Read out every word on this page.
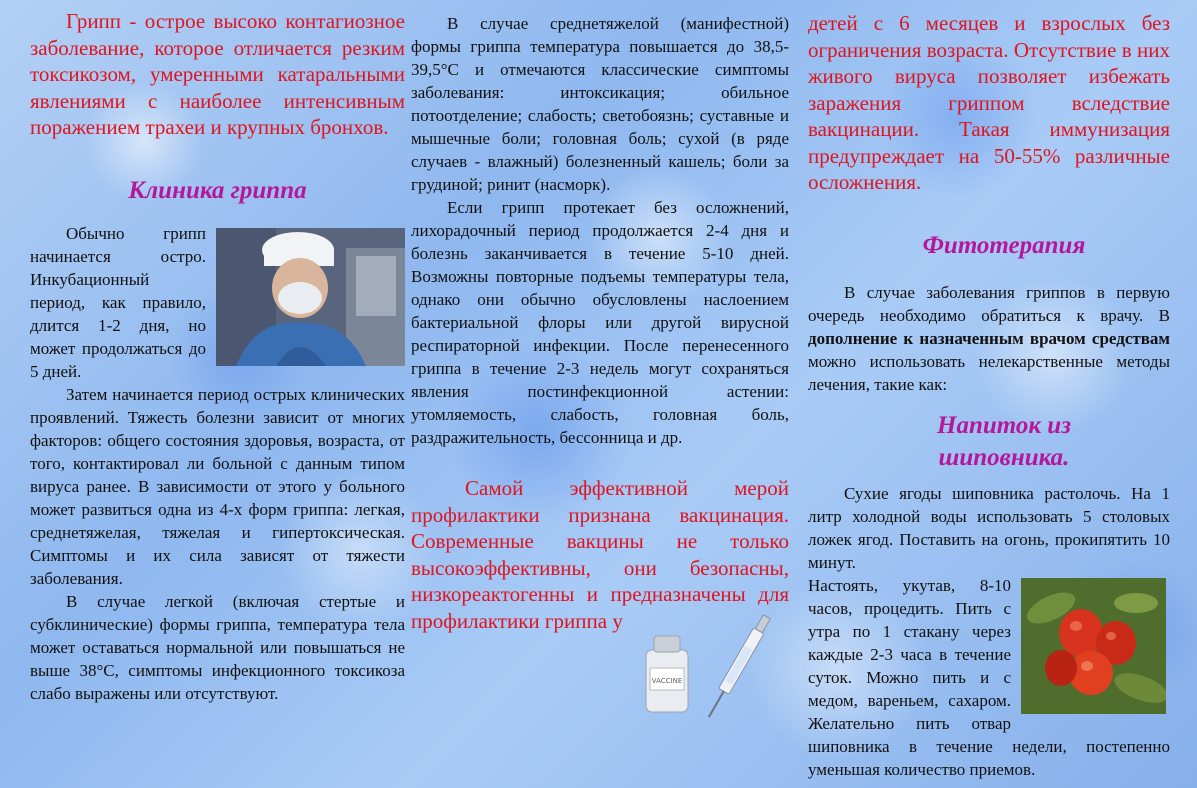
Грипп - острое высоко контагиозное заболевание, которое отличается резким токсикозом, умеренными катаральными явлениями с наиболее интенсивным поражением трахеи и крупных бронхов.

Клиника гриппа

Обычно грипп начинается остро. Инкубационный период, как правило, длится 1-2 дня, но может продолжаться до 5 дней.

Затем начинается период острых клинических проявлений. Тяжесть болезни зависит от многих факторов: общего состояния здоровья, возраста, от того, контактировал ли больной с данным типом вируса ранее. В зависимости от этого у больного может развиться одна из 4-х форм гриппа: легкая, среднетяжелая, тяжелая и гипертоксическая. Симптомы и их сила зависят от тяжести заболевания.

В случае легкой (включая стертые и субклинические) формы гриппа, температура тела может оставаться нормальной или повышаться не выше 38°С, симптомы инфекционного токсикоза слабо выражены или отсутствуют.

В случае среднетяжелой (манифестной) формы гриппа температура повышается до 38,5-39,5°С и отмечаются классические симптомы заболевания: интоксикация; обильное потоотделение; слабость; светобоязнь; суставные и мышечные боли; головная боль; сухой (в ряде случаев - влажный) болезненный кашель; боли за грудиной; ринит (насморк).

Если грипп протекает без осложнений, лихорадочный период продолжается 2-4 дня и болезнь заканчивается в течение 5-10 дней. Возможны повторные подъемы температуры тела, однако они обычно обусловлены наслоением бактериальной флоры или другой вирусной респираторной инфекции. После перенесенного гриппа в течение 2-3 недель могут сохраняться явления постинфекционной астении: утомляемость, слабость, головная боль, раздражительность, бессонница и др.

Самой эффективной мерой профилактики признана вакцинация. Современные вакцины не только высокоэффективны, они безопасны, низкореактогенны и предназначены для профилактики гриппа у

VACCINE

детей с 6 месяцев и взрослых без ограничения возраста. Отсутствие в них живого вируса позволяет избежать заражения гриппом вследствие вакцинации. Такая иммунизация предупреждает на 50-55% различные осложнения.

Фитотерапия

В случае заболевания гриппов в первую очередь необходимо обратиться к врачу. В дополнение к назначенным врачом средствам можно использовать нелекарственные методы лечения, такие как:

Напиток из
шиповника.

Сухие ягоды шиповника растолочь. На 1 литр холодной воды использовать 5 столовых ложек ягод. Поставить на огонь, прокипятить 10 минут.

Настоять, укутав, 8-10 часов, процедить. Пить с утра по 1 стакану через каждые 2-3 часа в течение суток. Можно пить и с медом, вареньем, сахаром. Желательно пить отвар шиповника в течение недели, постепенно уменьшая количество приемов.
